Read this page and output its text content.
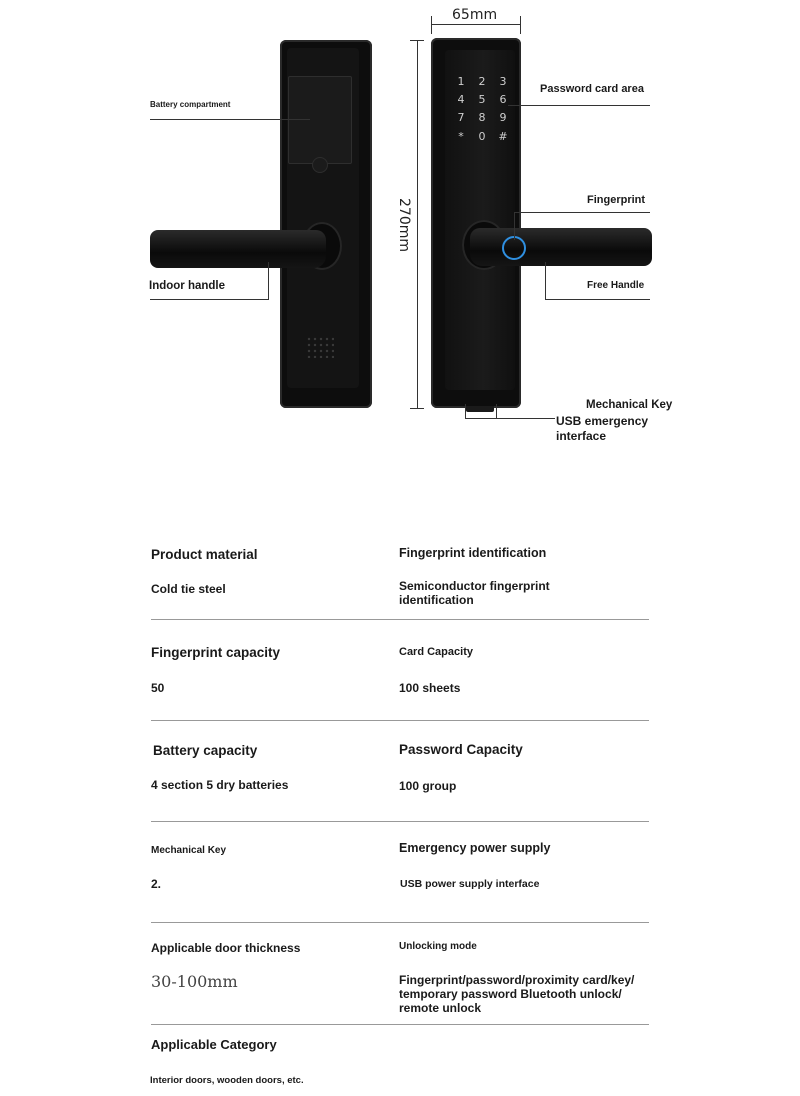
1 2 3
4 5 6
7 8 9
* 0 #
65mm
270mm
Battery compartment
Indoor handle
Password card area
Fingerprint
Free Handle
Mechanical Key
USB emergency
interface
Product material
Cold tie steel
Fingerprint identification
Semiconductor fingerprint
identification
Fingerprint capacity
50
Card Capacity
100 sheets
Battery capacity
4 section 5 dry batteries
Password Capacity
100 group
Mechanical Key
2.
Emergency power supply
USB power supply interface
Applicable door thickness
30-100mm
Unlocking mode
Fingerprint/password/proximity card/key/
temporary password Bluetooth unlock/
remote unlock
Applicable Category
Interior doors, wooden doors, etc.
